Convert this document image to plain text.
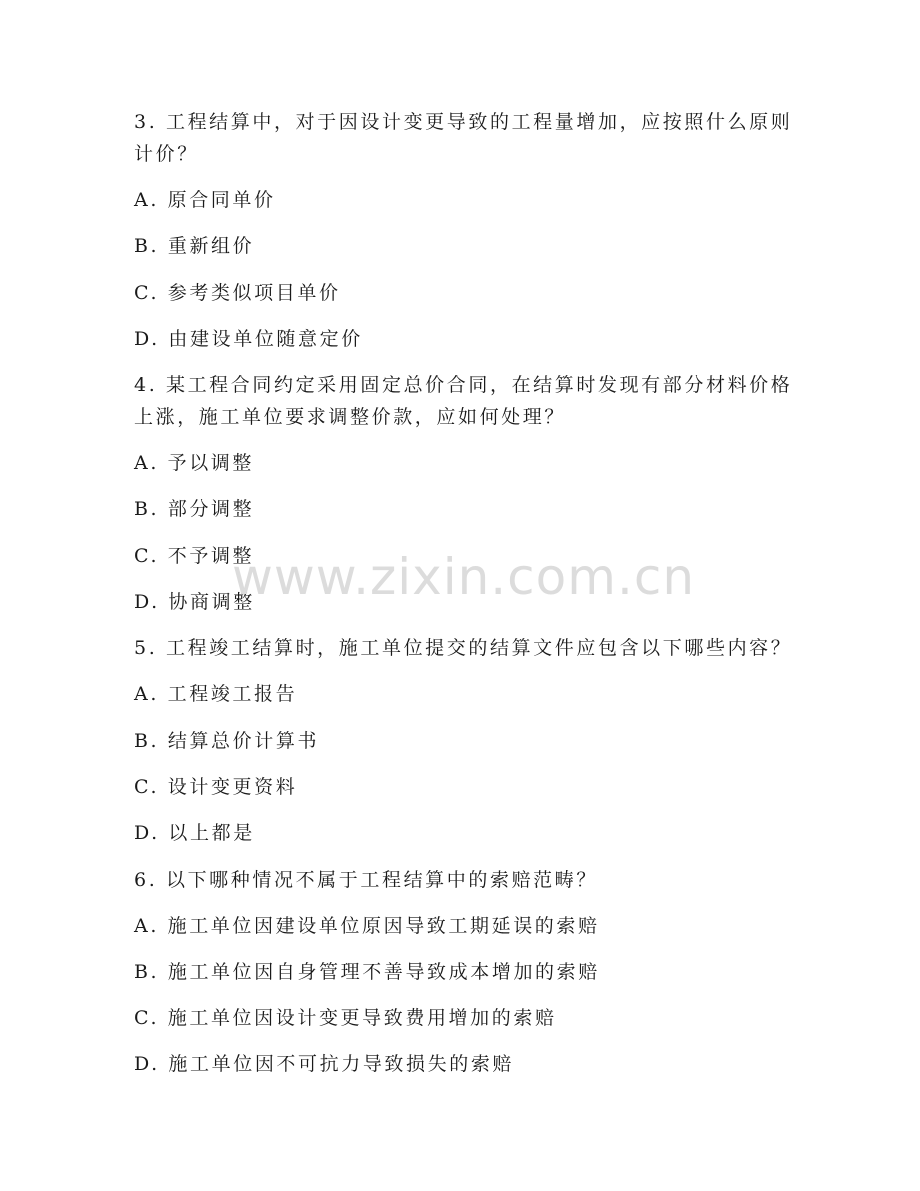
3. 工程结算中，对于因设计变更导致的工程量增加，应按照什么原则计价？
A. 原合同单价
B. 重新组价
C. 参考类似项目单价
D. 由建设单位随意定价
4. 某工程合同约定采用固定总价合同，在结算时发现有部分材料价格上涨，施工单位要求调整价款，应如何处理？
A. 予以调整
B. 部分调整
C. 不予调整
D. 协商调整
5. 工程竣工结算时，施工单位提交的结算文件应包含以下哪些内容？
A. 工程竣工报告
B. 结算总价计算书
C. 设计变更资料
D. 以上都是
6. 以下哪种情况不属于工程结算中的索赔范畴？
A. 施工单位因建设单位原因导致工期延误的索赔
B. 施工单位因自身管理不善导致成本增加的索赔
C. 施工单位因设计变更导致费用增加的索赔
D. 施工单位因不可抗力导致损失的索赔
www.zixin.com.cn
